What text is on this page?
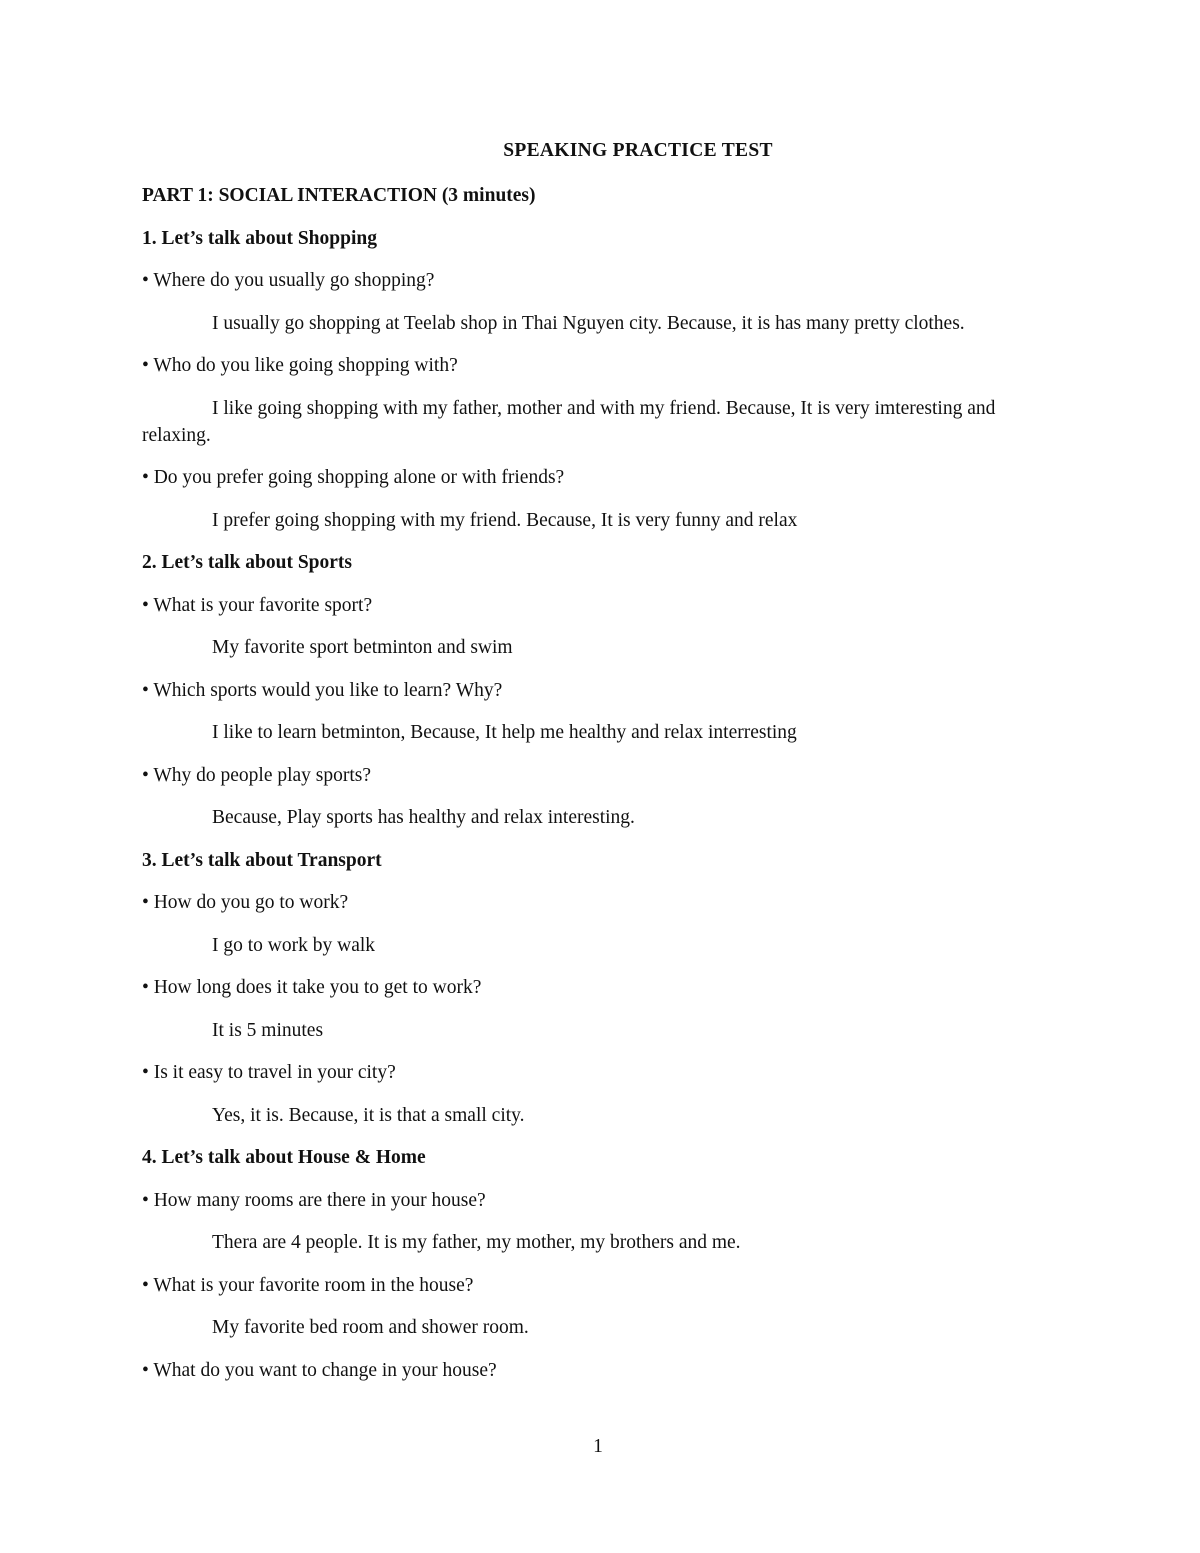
SPEAKING PRACTICE TEST

PART 1: SOCIAL INTERACTION (3 minutes)

1. Let’s talk about Shopping

• Where do you usually go shopping?

I usually go shopping at Teelab shop in Thai Nguyen city. Because, it is has many pretty clothes.

• Who do you like going shopping with?

I like going shopping with my father, mother and with my friend. Because, It is very imteresting and relaxing.

• Do you prefer going shopping alone or with friends?

I prefer going shopping with my friend. Because, It is very funny and relax

2. Let’s talk about Sports

• What is your favorite sport?

My favorite sport betminton and swim

• Which sports would you like to learn? Why?

I like to learn betminton, Because, It help me healthy and relax interresting

• Why do people play sports?

Because, Play sports has healthy and relax interesting.

3. Let’s talk about Transport

• How do you go to work?

I go to work by walk

• How long does it take you to get to work?

It is 5 minutes

• Is it easy to travel in your city?

Yes, it is. Because, it is that a small city.

4. Let’s talk about House & Home

• How many rooms are there in your house?

Thera are 4 people. It is my father, my mother, my brothers and me.

• What is your favorite room in the house?

My favorite bed room and shower room.

• What do you want to change in your house?

1
